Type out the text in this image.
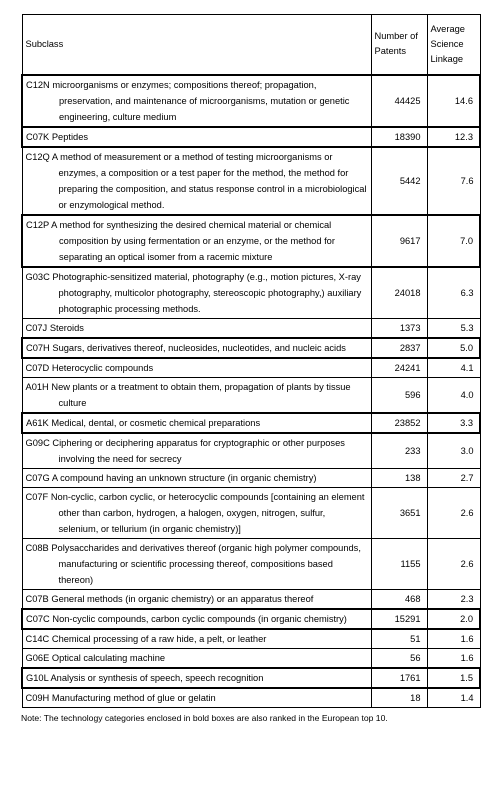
Subclass	Number of Patents	Average Science Linkage

C12N microorganisms or enzymes; compositions thereof; propagation, preservation, and maintenance of microorganisms, mutation or genetic engineering, culture medium	44425	14.6

C07K Peptides	18390	12.3

C12Q A method of measurement or a method of testing microorganisms or enzymes, a composition or a test paper for the method, the method for preparing the composition, and status response control in a microbiological or enzymological method.	5442	7.6

C12P A method for synthesizing the desired chemical material or chemical composition by using fermentation or an enzyme, or the method for separating an optical isomer from a racemic mixture	9617	7.0

G03C Photographic-sensitized material, photography (e.g., motion pictures, X-ray photography, multicolor photography, stereoscopic photography,) auxiliary photographic processing methods.	24018	6.3

C07J Steroids	1373	5.3

C07H Sugars, derivatives thereof, nucleosides, nucleotides, and nucleic acids	2837	5.0

C07D Heterocyclic compounds	24241	4.1

A01H New plants or a treatment to obtain them, propagation of plants by tissue culture	596	4.0

A61K Medical, dental, or cosmetic chemical preparations	23852	3.3

G09C Ciphering or deciphering apparatus for cryptographic or other purposes involving the need for secrecy	233	3.0

C07G A compound having an unknown structure (in organic chemistry)	138	2.7

C07F Non-cyclic, carbon cyclic, or heterocyclic compounds [containing an element other than carbon, hydrogen, a halogen, oxygen, nitrogen, sulfur, selenium, or tellurium (in organic chemistry)]	3651	2.6

C08B Polysaccharides and derivatives thereof (organic high polymer compounds, manufacturing or scientific processing thereof, compositions based thereon)	1155	2.6

C07B General methods (in organic chemistry) or an apparatus thereof	468	2.3

C07C Non-cyclic compounds, carbon cyclic compounds (in organic chemistry)	15291	2.0

C14C Chemical processing of a raw hide, a pelt, or leather	51	1.6

G06E Optical calculating machine	56	1.6

G10L Analysis or synthesis of speech, speech recognition	1761	1.5

C09H Manufacturing method of glue or gelatin	18	1.4
Note: The technology categories enclosed in bold boxes are also ranked in the European top 10.
